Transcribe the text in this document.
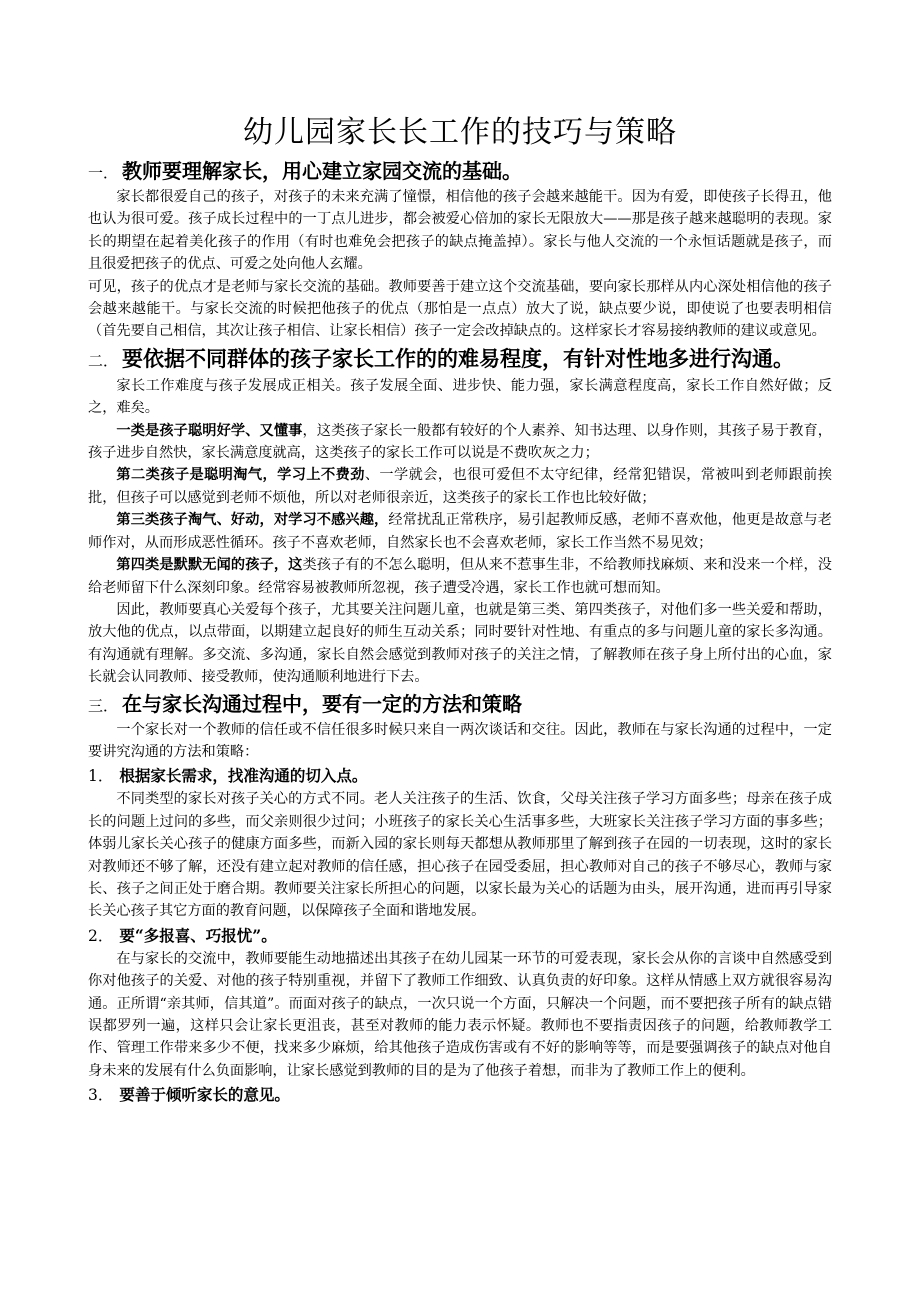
幼儿园家长长工作的技巧与策略
一． 教师要理解家长，用心建立家园交流的基础。

家长都很爱自己的孩子，对孩子的未来充满了憧憬，相信他的孩子会越来越能干。因为有爱，即使孩子长得丑，他也认为很可爱。孩子成长过程中的一丁点儿进步，都会被爱心倍加的家长无限放大——那是孩子越来越聪明的表现。家长的期望在起着美化孩子的作用（有时也难免会把孩子的缺点掩盖掉）。家长与他人交流的一个永恒话题就是孩子，而且很爱把孩子的优点、可爱之处向他人玄耀。

可见，孩子的优点才是老师与家长交流的基础。教师要善于建立这个交流基础，要向家长那样从内心深处相信他的孩子会越来越能干。与家长交流的时候把他孩子的优点（那怕是一点点）放大了说，缺点要少说，即使说了也要表明相信（首先要自己相信，其次让孩子相信、让家长相信）孩子一定会改掉缺点的。这样家长才容易接纳教师的建议或意见。

二． 要依据不同群体的孩子家长工作的的难易程度，有针对性地多进行沟通。

家长工作难度与孩子发展成正相关。孩子发展全面、进步快、能力强，家长满意程度高，家长工作自然好做；反之，难矣。

一类是孩子聪明好学、又懂事，这类孩子家长一般都有较好的个人素养、知书达理、以身作则，其孩子易于教育，孩子进步自然快，家长满意度就高，这类孩子的家长工作可以说是不费吹灰之力；

第二类孩子是聪明淘气，学习上不费劲、一学就会，也很可爱但不太守纪律，经常犯错误，常被叫到老师跟前挨批，但孩子可以感觉到老师不烦他，所以对老师很亲近，这类孩子的家长工作也比较好做；

第三类孩子淘气、好动，对学习不感兴趣，经常扰乱正常秩序，易引起教师反感，老师不喜欢他，他更是故意与老师作对，从而形成恶性循环。孩子不喜欢老师，自然家长也不会喜欢老师，家长工作当然不易见效；

第四类是默默无闻的孩子，这类孩子有的不怎么聪明，但从来不惹事生非，不给教师找麻烦、来和没来一个样，没给老师留下什么深刻印象。经常容易被教师所忽视，孩子遭受冷遇，家长工作也就可想而知。

因此，教师要真心关爱每个孩子，尤其要关注问题儿童，也就是第三类、第四类孩子，对他们多一些关爱和帮助，放大他的优点，以点带面，以期建立起良好的师生互动关系；同时要针对性地、有重点的多与问题儿童的家长多沟通。有沟通就有理解。多交流、多沟通，家长自然会感觉到教师对孩子的关注之情，了解教师在孩子身上所付出的心血，家长就会认同教师、接受教师，使沟通顺利地进行下去。

三． 在与家长沟通过程中，要有一定的方法和策略

一个家长对一个教师的信任或不信任很多时候只来自一两次谈话和交往。因此，教师在与家长沟通的过程中，一定要讲究沟通的方法和策略：

1． 根据家长需求，找准沟通的切入点。

不同类型的家长对孩子关心的方式不同。老人关注孩子的生活、饮食，父母关注孩子学习方面多些；母亲在孩子成长的问题上过问的多些，而父亲则很少过问；小班孩子的家长关心生活事多些，大班家长关注孩子学习方面的事多些；体弱儿家长关心孩子的健康方面多些，而新入园的家长则每天都想从教师那里了解到孩子在园的一切表现，这时的家长对教师还不够了解，还没有建立起对教师的信任感，担心孩子在园受委屈，担心教师对自己的孩子不够尽心，教师与家长、孩子之间正处于磨合期。教师要关注家长所担心的问题，以家长最为关心的话题为由头，展开沟通，进而再引导家长关心孩子其它方面的教育问题，以保障孩子全面和谐地发展。

2． 要“多报喜、巧报忧”。

在与家长的交流中，教师要能生动地描述出其孩子在幼儿园某一环节的可爱表现，家长会从你的言谈中自然感受到你对他孩子的关爱、对他的孩子特别重视，并留下了教师工作细致、认真负责的好印象。这样从情感上双方就很容易沟通。正所谓“亲其师，信其道”。而面对孩子的缺点，一次只说一个方面，只解决一个问题，而不要把孩子所有的缺点错误都罗列一遍，这样只会让家长更沮丧，甚至对教师的能力表示怀疑。教师也不要指责因孩子的问题，给教师教学工作、管理工作带来多少不便，找来多少麻烦，给其他孩子造成伤害或有不好的影响等等，而是要强调孩子的缺点对他自身未来的发展有什么负面影响，让家长感觉到教师的目的是为了他孩子着想，而非为了教师工作上的便利。

3． 要善于倾听家长的意见。
